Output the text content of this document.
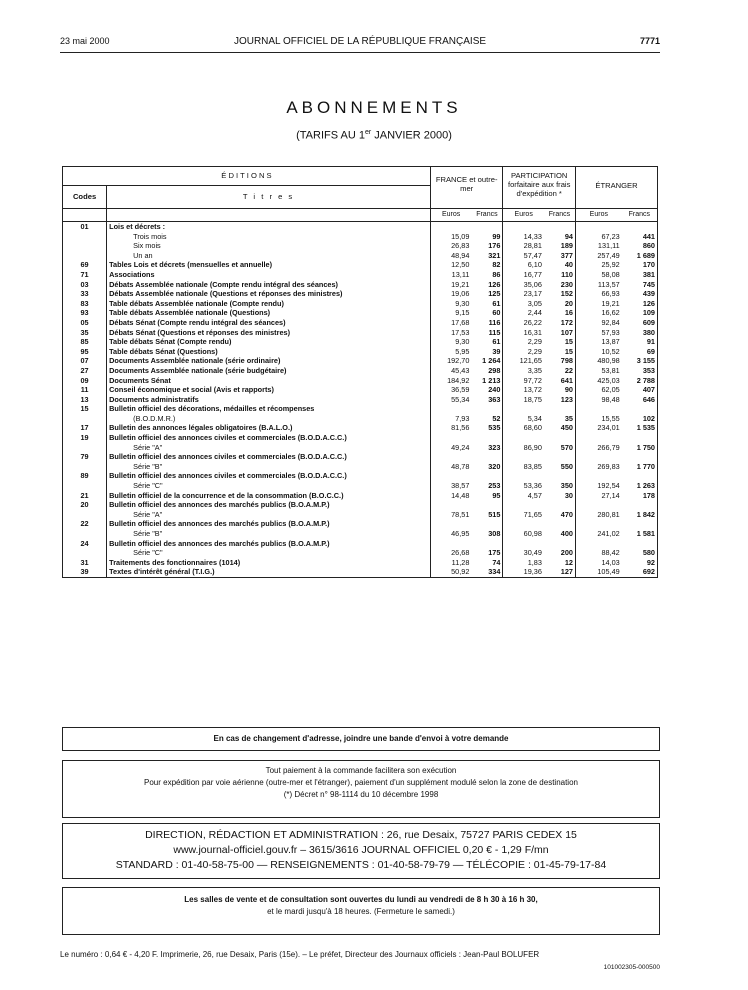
23 mai 2000	JOURNAL OFFICIEL DE LA RÉPUBLIQUE FRANÇAISE	7771
ABONNEMENTS
(TARIFS AU 1er JANVIER 2000)
É D I T I O N S		FRANCE et outre-mer		PARTICIPATION forfaitaire aux frais d'expédition *		ÉTRANGER	
Codes	T i t r e s						
		Euros	Francs	Euros	Francs	Euros	Francs
01	Lois et décrets :						
	Trois mois	15,09	99	14,33	94	67,23	441
	Six mois	26,83	176	28,81	189	131,11	860
	Un an	48,94	321	57,47	377	257,49	1 689
69	Tables Lois et décrets (mensuelles et annuelle)	12,50	82	6,10	40	25,92	170
71	Associations	13,11	86	16,77	110	58,08	381
03	Débats Assemblée nationale (Compte rendu intégral des séances)	19,21	126	35,06	230	113,57	745
33	Débats Assemblée nationale (Questions et réponses des ministres)	19,06	125	23,17	152	66,93	439
83	Table débats Assemblée nationale (Compte rendu)	9,30	61	3,05	20	19,21	126
93	Table débats Assemblée nationale (Questions)	9,15	60	2,44	16	16,62	109
05	Débats Sénat (Compte rendu intégral des séances)	17,68	116	26,22	172	92,84	609
35	Débats Sénat (Questions et réponses des ministres)	17,53	115	16,31	107	57,93	380
85	Table débats Sénat (Compte rendu)	9,30	61	2,29	15	13,87	91
95	Table débats Sénat (Questions)	5,95	39	2,29	15	10,52	69
07	Documents Assemblée nationale (série ordinaire)	192,70	1 264	121,65	798	480,98	3 155
27	Documents Assemblée nationale (série budgétaire)	45,43	298	3,35	22	53,81	353
09	Documents Sénat	184,92	1 213	97,72	641	425,03	2 788
11	Conseil économique et social (Avis et rapports)	36,59	240	13,72	90	62,05	407
13	Documents administratifs	55,34	363	18,75	123	98,48	646
15	Bulletin officiel des décorations, médailles et récompenses						
	(B.O.D.M.R.)	7,93	52	5,34	35	15,55	102
17	Bulletin des annonces légales obligatoires (B.A.L.O.)	81,56	535	68,60	450	234,01	1 535
19	Bulletin officiel des annonces civiles et commerciales (B.O.D.A.C.C.)						
	Série "A"	49,24	323	86,90	570	266,79	1 750
79	Bulletin officiel des annonces civiles et commerciales (B.O.D.A.C.C.)						
	Série "B"	48,78	320	83,85	550	269,83	1 770
89	Bulletin officiel des annonces civiles et commerciales (B.O.D.A.C.C.)						
	Série "C"	38,57	253	53,36	350	192,54	1 263
21	Bulletin officiel de la concurrence et de la consommation (B.O.C.C.)	14,48	95	4,57	30	27,14	178
20	Bulletin officiel des annonces des marchés publics (B.O.A.M.P.)						
	Série "A"	78,51	515	71,65	470	280,81	1 842
22	Bulletin officiel des annonces des marchés publics (B.O.A.M.P.)						
	Série "B"	46,95	308	60,98	400	241,02	1 581
24	Bulletin officiel des annonces des marchés publics (B.O.A.M.P.)						
	Série "C"	26,68	175	30,49	200	88,42	580
31	Traitements des fonctionnaires (1014)	11,28	74	1,83	12	14,03	92
39	Textes d'intérêt général (T.I.G.)	50,92	334	19,36	127	105,49	692
En cas de changement d'adresse, joindre une bande d'envoi à votre demande
Tout paiement à la commande facilitera son exécution
Pour expédition par voie aérienne (outre-mer et l'étranger), paiement d'un supplément modulé selon la zone de destination
(*) Décret n° 98-1114 du 10 décembre 1998
DIRECTION, RÉDACTION ET ADMINISTRATION : 26, rue Desaix, 75727 PARIS CEDEX 15
www.journal-officiel.gouv.fr – 3615/3616 JOURNAL OFFICIEL 0,20 € - 1,29 F/mn
STANDARD : 01-40-58-75-00 — RENSEIGNEMENTS : 01-40-58-79-79 — TÉLÉCOPIE : 01-45-79-17-84
Les salles de vente et de consultation sont ouvertes du lundi au vendredi de 8 h 30 à 16 h 30,
et le mardi jusqu'à 18 heures. (Fermeture le samedi.)
Le numéro : 0,64 € - 4,20 F. Imprimerie, 26, rue Desaix, Paris (15e). – Le préfet, Directeur des Journaux officiels : Jean-Paul BOLUFER
101002305-000500
